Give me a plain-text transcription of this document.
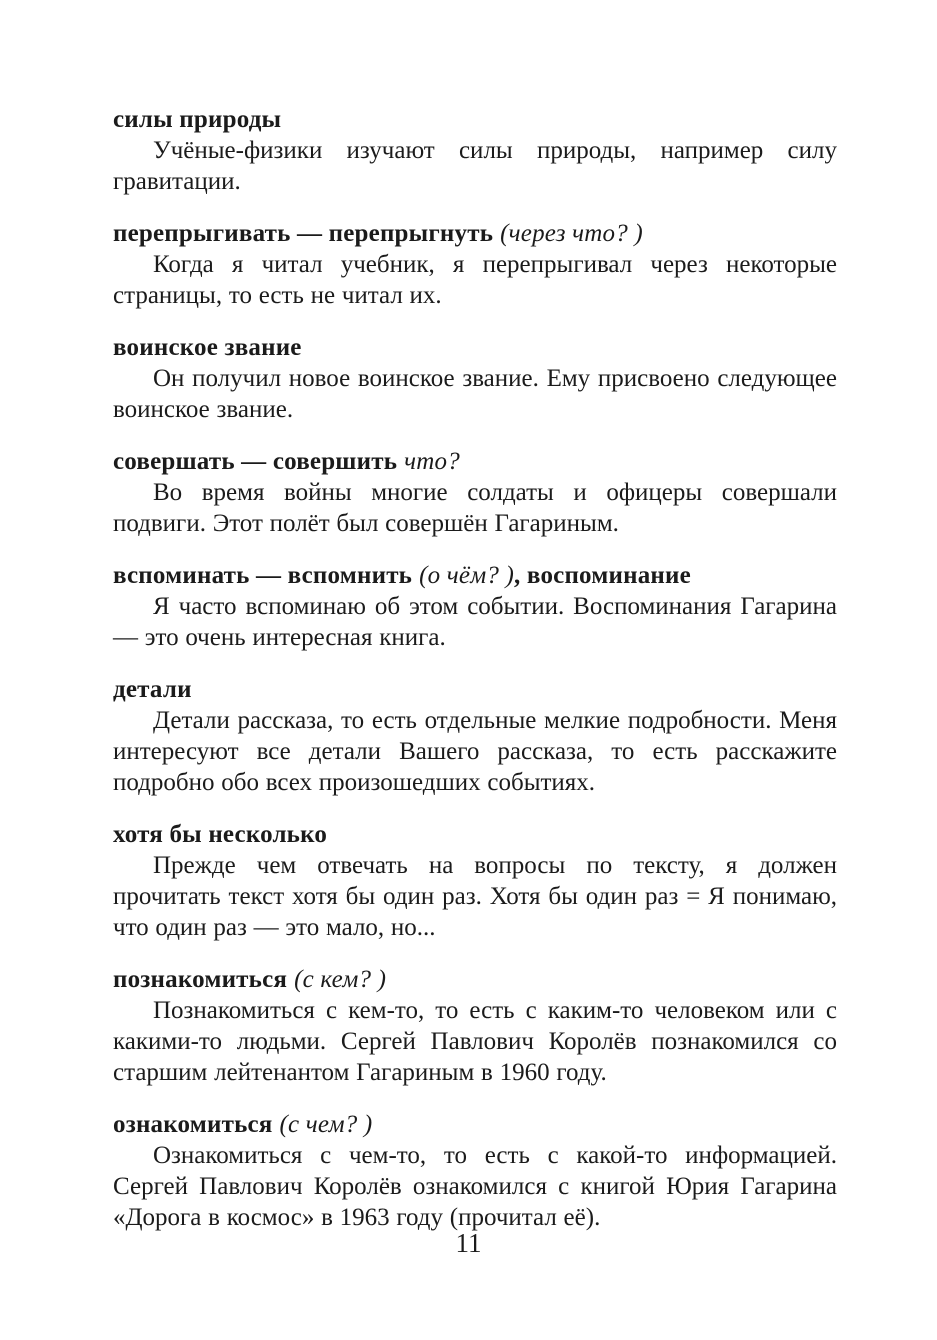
силы природы

Учёные-физики изучают силы природы, например силу гравитации.

перепрыгивать — перепрыгнуть (через что? )

Когда я читал учебник, я перепрыгивал через некоторые страницы, то есть не читал их.

воинское звание

Он получил новое воинское звание. Ему присвоено следующее воинское звание.

совершать — совершить что?

Во время войны многие солдаты и офицеры совершали подвиги. Этот полёт был совершён Гагариным.

вспоминать — вспомнить (о чём? ), воспоминание

Я часто вспоминаю об этом событии. Воспоминания Гагарина — это очень интересная книга.

детали

Детали рассказа, то есть отдельные мелкие подробности. Меня интересуют все детали Вашего рассказа, то есть расскажите подробно обо всех произошедших событиях.

хотя бы несколько

Прежде чем отвечать на вопросы по тексту, я должен прочитать текст хотя бы один раз. Хотя бы один раз = Я понимаю, что один раз — это мало, но...

познакомиться (с кем? )

Познакомиться с кем-то, то есть с каким-то человеком или с какими-то людьми. Сергей Павлович Королёв познакомился со старшим лейтенантом Гагариным в 1960 году.

ознакомиться (с чем? )

Ознакомиться с чем-то, то есть с какой-то информацией. Сергей Павлович Королёв ознакомился с книгой Юрия Гагарина «Дорога в космос» в 1963 году (прочитал её).

11
